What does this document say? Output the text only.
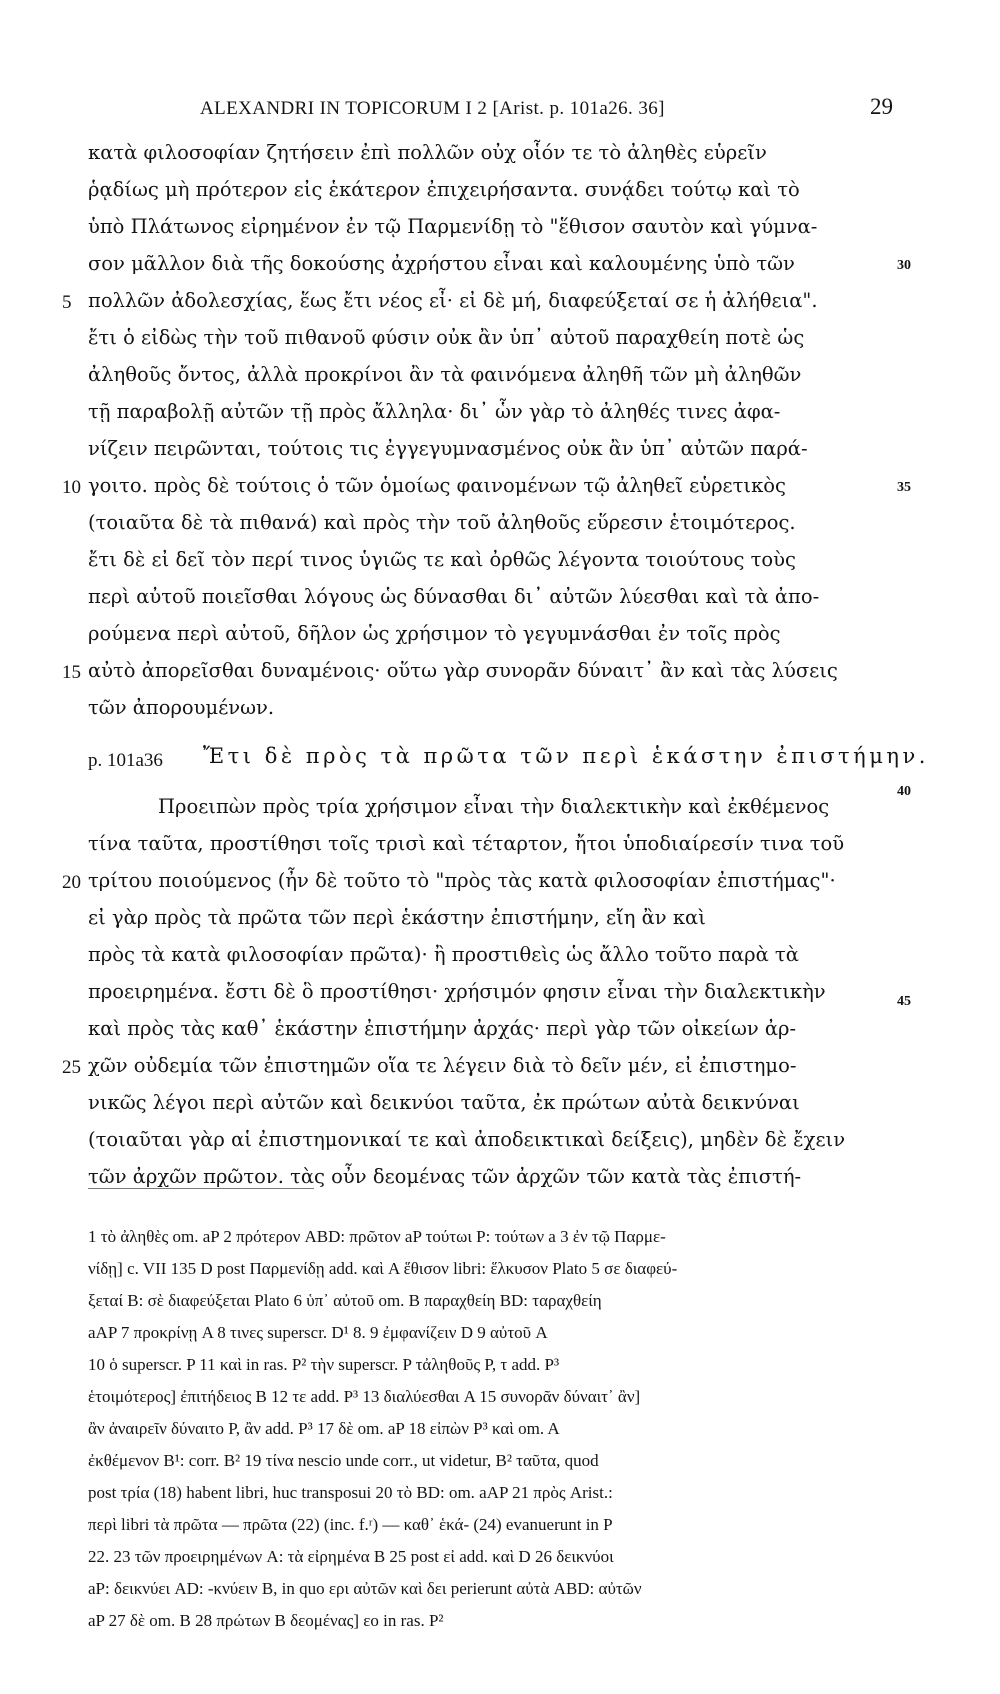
ALEXANDRI IN TOPICORUM I 2 [Arist. p. 101a26. 36]	29
κατὰ φιλοσοφίαν ζητήσειν ἐπὶ πολλῶν οὐχ οἷόν τε τὸ ἀληθὲς εὑρεῖν
ῥᾳδίως μὴ πρότερον εἰς ἑκάτερον ἐπιχειρήσαντα. συνᾴδει τούτῳ καὶ τὸ
ὑπὸ Πλάτωνος εἰρημένον ἐν τῷ Παρμενίδῃ τὸ "ἕθισον σαυτὸν καὶ γύμνα-
σον μᾶλλον διὰ τῆς δοκούσης ἀχρήστου εἶναι καὶ καλουμένης ὑπὸ τῶν
πολλῶν ἀδολεσχίας, ἕως ἔτι νέος εἶ· εἰ δὲ μή, διαφεύξεταί σε ἡ ἀλήθεια".
ἔτι ὁ εἰδὼς τὴν τοῦ πιθανοῦ φύσιν οὐκ ἂν ὑπ᾽ αὐτοῦ παραχθείη ποτὲ ὡς
ἀληθοῦς ὄντος, ἀλλὰ προκρίνοι ἂν τὰ φαινόμενα ἀληθῆ τῶν μὴ ἀληθῶν
τῇ παραβολῇ αὐτῶν τῇ πρὸς ἄλληλα· δι᾽ ὧν γὰρ τὸ ἀληθές τινες ἀφα-
νίζειν πειρῶνται, τούτοις τις ἐγγεγυμνασμένος οὐκ ἂν ὑπ᾽ αὐτῶν παρά-
γοιτο. πρὸς δὲ τούτοις ὁ τῶν ὁμοίως φαινομένων τῷ ἀληθεῖ εὑρετικὸς
(τοιαῦτα δὲ τὰ πιθανά) καὶ πρὸς τὴν τοῦ ἀληθοῦς εὕρεσιν ἑτοιμότερος.
ἔτι δὲ εἰ δεῖ τὸν περί τινος ὑγιῶς τε καὶ ὀρθῶς λέγοντα τοιούτους τοὺς
περὶ αὐτοῦ ποιεῖσθαι λόγους ὡς δύνασθαι δι᾽ αὐτῶν λύεσθαι καὶ τὰ ἀπο-
ρούμενα περὶ αὐτοῦ, δῆλον ὡς χρήσιμον τὸ γεγυμνάσθαι ἐν τοῖς πρὸς
αὐτὸ ἀπορεῖσθαι δυναμένοις· οὕτω γὰρ συνορᾶν δύναιτ᾽ ἂν καὶ τὰς λύσεις
τῶν ἀπορουμένων.
5
10
15
30
35
p. 101a36 Ἔτι δὲ πρὸς τὰ πρῶτα τῶν περὶ ἑκάστην ἐπιστήμην.
Προειπὼν πρὸς τρία χρήσιμον εἶναι τὴν διαλεκτικὴν καὶ ἐκθέμενος
τίνα ταῦτα, προστίθησι τοῖς τρισὶ καὶ τέταρτον, ἤτοι ὑποδιαίρεσίν τινα τοῦ
τρίτου ποιούμενος (ἦν δὲ τοῦτο τὸ "πρὸς τὰς κατὰ φιλοσοφίαν ἐπιστήμας"·
εἰ γὰρ πρὸς τὰ πρῶτα τῶν περὶ ἑκάστην ἐπιστήμην, εἴη ἂν καὶ
πρὸς τὰ κατὰ φιλοσοφίαν πρῶτα)· ἢ προστιθεὶς ὡς ἄλλο τοῦτο παρὰ τὰ
προειρημένα. ἔστι δὲ ὃ προστίθησι· χρήσιμόν φησιν εἶναι τὴν διαλεκτικὴν
καὶ πρὸς τὰς καθ᾽ ἑκάστην ἐπιστήμην ἀρχάς· περὶ γὰρ τῶν οἰκείων ἀρ-
χῶν οὐδεμία τῶν ἐπιστημῶν οἵα τε λέγειν διὰ τὸ δεῖν μέν, εἰ ἐπιστημο-
νικῶς λέγοι περὶ αὐτῶν καὶ δεικνύοι ταῦτα, ἐκ πρώτων αὐτὰ δεικνύναι
(τοιαῦται γὰρ αἱ ἐπιστημονικαί τε καὶ ἀποδεικτικαὶ δείξεις), μηδὲν δὲ ἔχειν
τῶν ἀρχῶν πρῶτον. τὰς οὖν δεομένας τῶν ἀρχῶν τῶν κατὰ τὰς ἐπιστή-
20
25
40
45
1 τὸ ἀληθὲς om. aP 2 πρότερον ABD: πρῶτον aP τούτωι P: τούτων a 3 ἐν τῷ Παρμε-
νίδῃ] c. VII 135 D post Παρμενίδῃ add. καὶ A ἕθισον libri: ἕλκυσον Plato 5 σε διαφεύ-
ξεταί B: σὲ διαφεύξεται Plato 6 ὑπ᾽ αὐτοῦ om. B παραχθείη BD: ταραχθείη
aAP 7 προκρίνῃ A 8 τινες superscr. D¹ 8. 9 ἐμφανίζειν D 9 αὐτοῦ A
10 ὁ superscr. P 11 καὶ in ras. P² τὴν superscr. P τἀληθοῦς P, τ add. P³
ἑτοιμότερος] ἐπιτήδειος B 12 τε add. P³ 13 διαλύεσθαι A 15 συνορᾶν δύναιτ᾽ ἂν]
ἂν ἀναιρεῖν δύναιτο P, ἂν add. P³ 17 δὲ om. aP 18 εἰπὼν P³ καὶ om. A
ἐκθέμενον B¹: corr. B² 19 τίνα nescio unde corr., ut videtur, B² ταῦτα, quod
post τρία (18) habent libri, huc transposui 20 τὸ BD: om. aAP 21 πρὸς Arist.:
περὶ libri τὰ πρῶτα — πρῶτα (22) (inc. f.ʳ) — καθ᾽ ἑκά- (24) evanuerunt in P
22. 23 τῶν προειρημένων A: τὰ εἰρημένα B 25 post εἰ add. καὶ D 26 δεικνύοι
aP: δεικνύει AD: -κνύειν B, in quo ερι αὐτῶν καὶ δει perierunt αὐτὰ ABD: αὐτῶν
aP 27 δὲ om. B 28 πρώτων B δεομένας] εο in ras. P²
